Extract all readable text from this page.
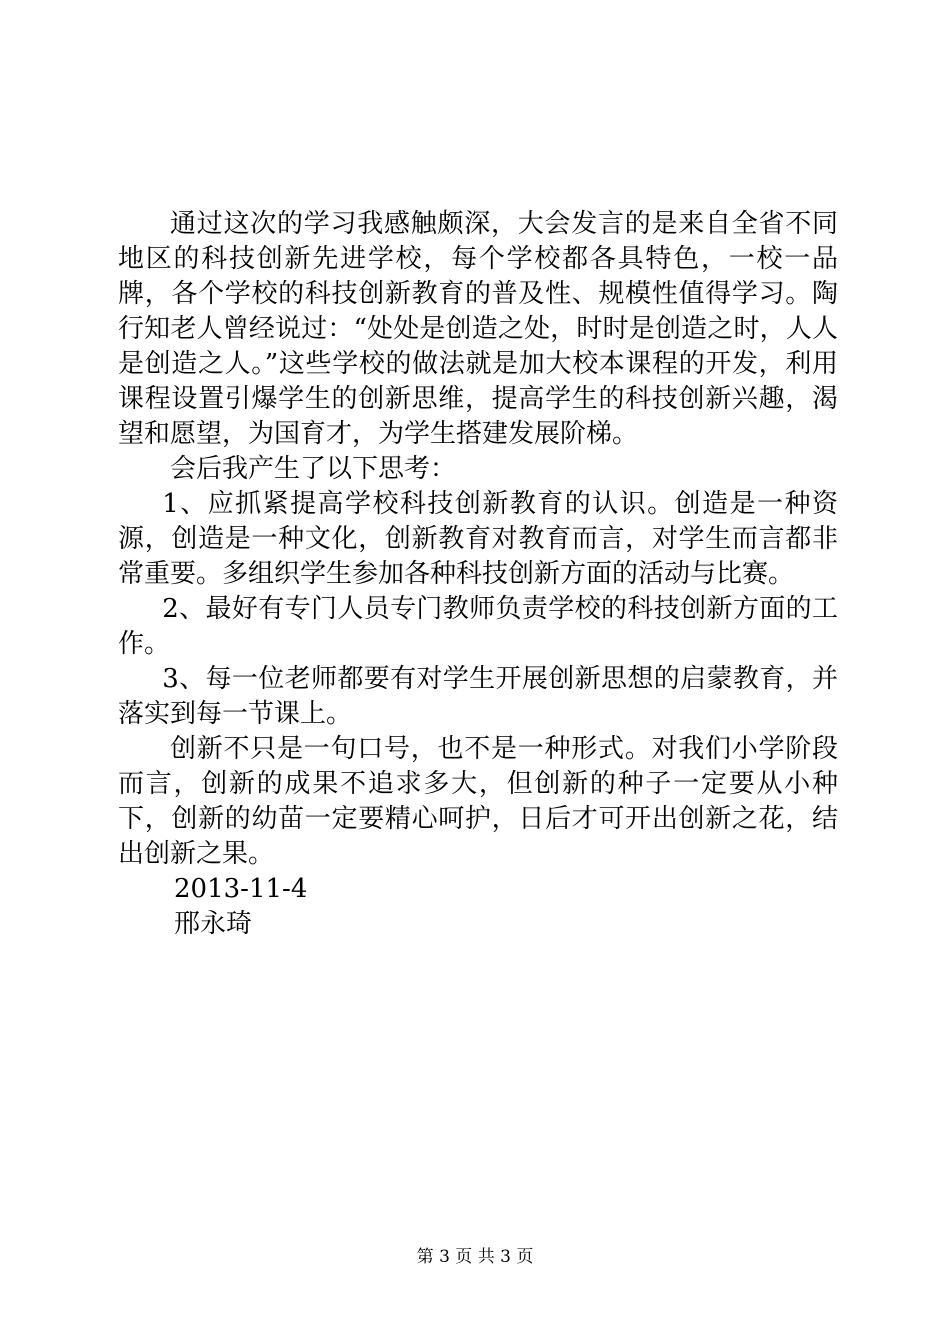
通过这次的学习我感触颇深，大会发言的是来自全省不同地区的科技创新先进学校，每个学校都各具特色，一校一品牌，各个学校的科技创新教育的普及性、规模性值得学习。陶行知老人曾经说过：“处处是创造之处，时时是创造之时，人人是创造之人。”这些学校的做法就是加大校本课程的开发，利用课程设置引爆学生的创新思维，提高学生的科技创新兴趣，渴望和愿望，为国育才，为学生搭建发展阶梯。

会后我产生了以下思考：

1、应抓紧提高学校科技创新教育的认识。创造是一种资源，创造是一种文化，创新教育对教育而言，对学生而言都非常重要。多组织学生参加各种科技创新方面的活动与比赛。

2、最好有专门人员专门教师负责学校的科技创新方面的工作。

3、每一位老师都要有对学生开展创新思想的启蒙教育，并落实到每一节课上。

创新不只是一句口号，也不是一种形式。对我们小学阶段而言，创新的成果不追求多大，但创新的种子一定要从小种下，创新的幼苗一定要精心呵护，日后才可开出创新之花，结出创新之果。

2013-11-4

邢永琦

第 3 页 共 3 页
